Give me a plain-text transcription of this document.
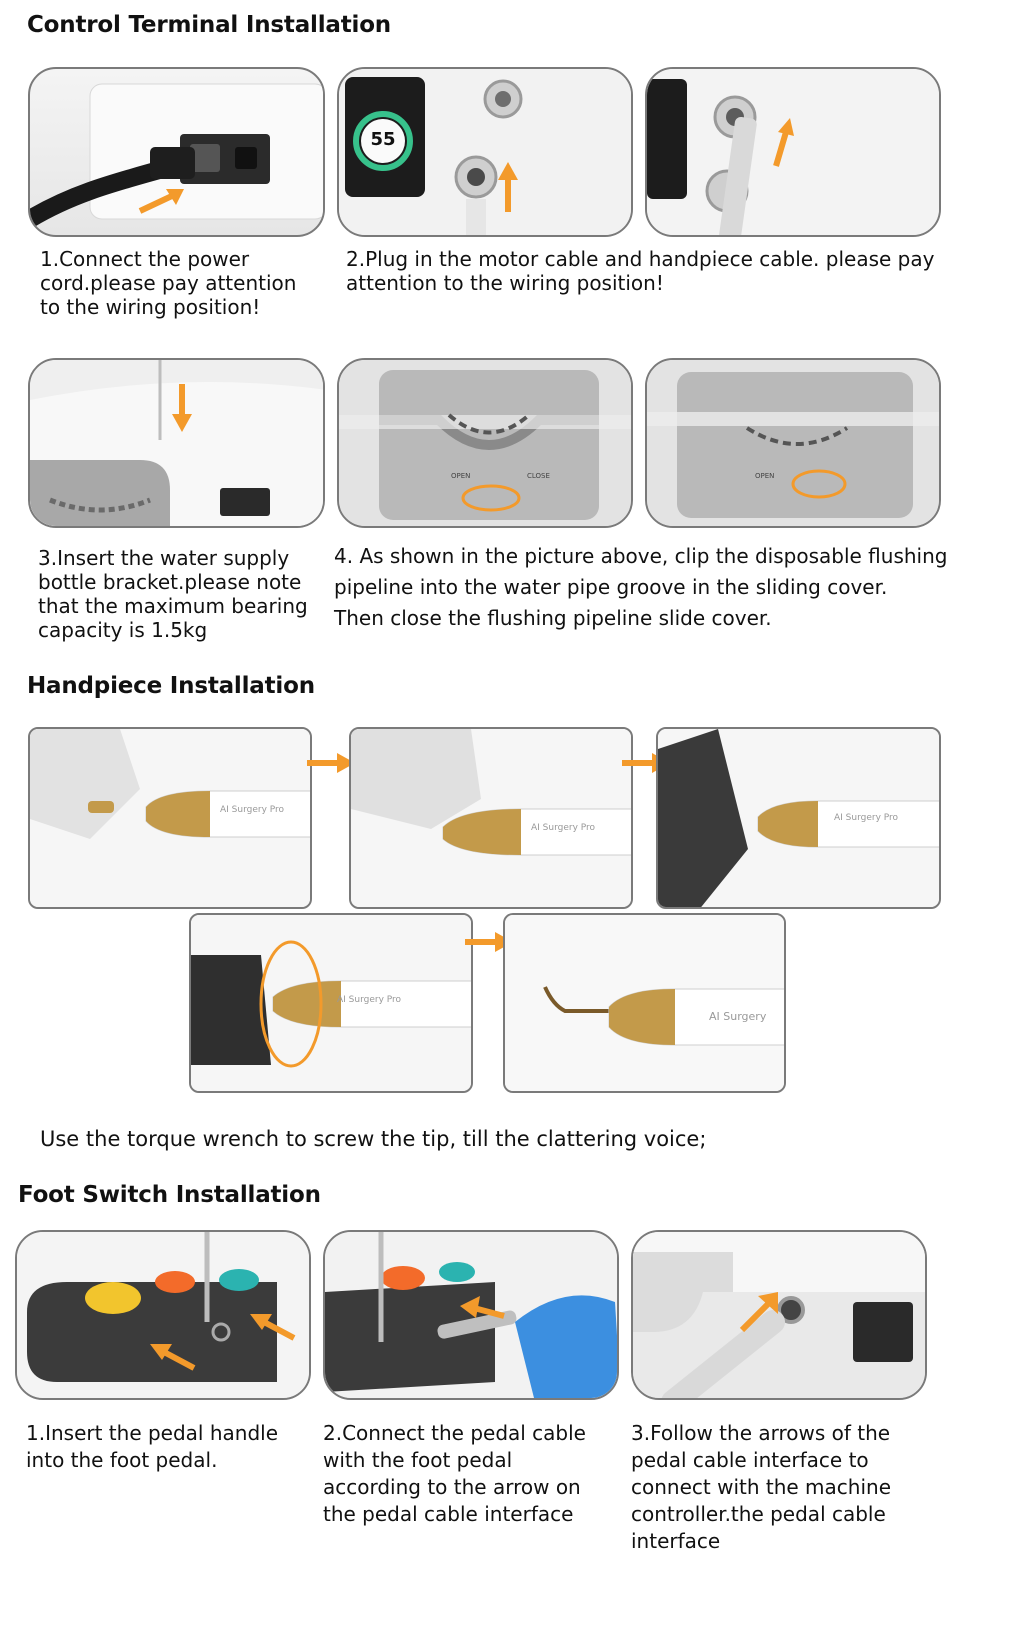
Control Terminal Installation
55
1.Connect the power
cord.please pay attention
to the wiring position!
2.Plug in the motor cable and handpiece cable. please pay
attention to the wiring position!
OPEN	CLOSE	OPEN
3.Insert the water supply
bottle bracket.please note
that the maximum bearing
capacity is 1.5kg
4. As shown in the picture above, clip the disposable flushing
pipeline into the water pipe groove in the sliding cover.
Then close the flushing pipeline slide cover.
Handpiece Installation
AI Surgery Pro
AI Surgery Pro
AI Surgery Pro
AI Surgery Pro
AI Surgery
Use the torque wrench to screw the tip, till the clattering voice;
Foot Switch Installation
1.Insert the pedal handle
into the foot pedal.
2.Connect the pedal cable
with the foot pedal
according to the arrow on
the pedal cable interface
3.Follow the arrows of the
pedal cable interface to
connect with the machine
controller.the pedal cable
interface
